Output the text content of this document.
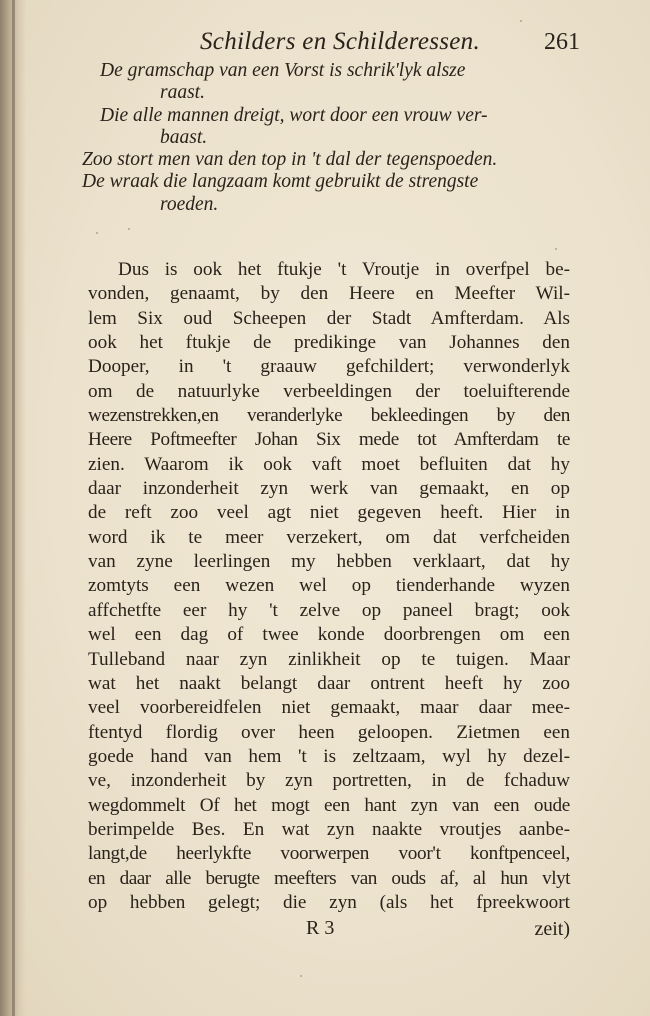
Schilders en Schilderessen.	261
De gramschap van een Vorst is schrik'lyk alsze
raast.
Die alle mannen dreigt, wort door een vrouw ver-
baast.
Zoo stort men van den top in 't dal der tegenspoeden.
De wraak die langzaam komt gebruikt de strengste
roeden.
Dus is ook het ftukje 't Vroutje in overfpel be-
vonden, genaamt, by den Heere en Meefter Wil-
lem Six oud Scheepen der Stadt Amfterdam. Als
ook het ftukje de predikinge van Johannes den
Dooper, in 't graauw gefchildert; verwonderlyk
om de natuurlyke verbeeldingen der toeluifterende
wezenstrekken,en veranderlyke bekleedingen by den
Heere Poftmeefter Johan Six mede tot Amfterdam te
zien. Waarom ik ook vaft moet befluiten dat hy
daar inzonderheit zyn werk van gemaakt, en op
de reft zoo veel agt niet gegeven heeft. Hier in
word ik te meer verzekert, om dat verfcheiden
van zyne leerlingen my hebben verklaart, dat hy
zomtyts een wezen wel op tienderhande wyzen
affchetfte eer hy 't zelve op paneel bragt; ook
wel een dag of twee konde doorbrengen om een
Tulleband naar zyn zinlikheit op te tuigen. Maar
wat het naakt belangt daar ontrent heeft hy zoo
veel voorbereidfelen niet gemaakt, maar daar mee-
ftentyd flordig over heen geloopen. Zietmen een
goede hand van hem 't is zeltzaam, wyl hy dezel-
ve, inzonderheit by zyn portretten, in de fchaduw
wegdommelt Of het mogt een hant zyn van een oude
berimpelde Bes. En wat zyn naakte vroutjes aanbe-
langt,de heerlykfte voorwerpen voor't konftpenceel,
en daar alle berugte meefters van ouds af, al hun vlyt
op hebben gelegt; die zyn (als het fpreekwoort
R 3	zeit)
